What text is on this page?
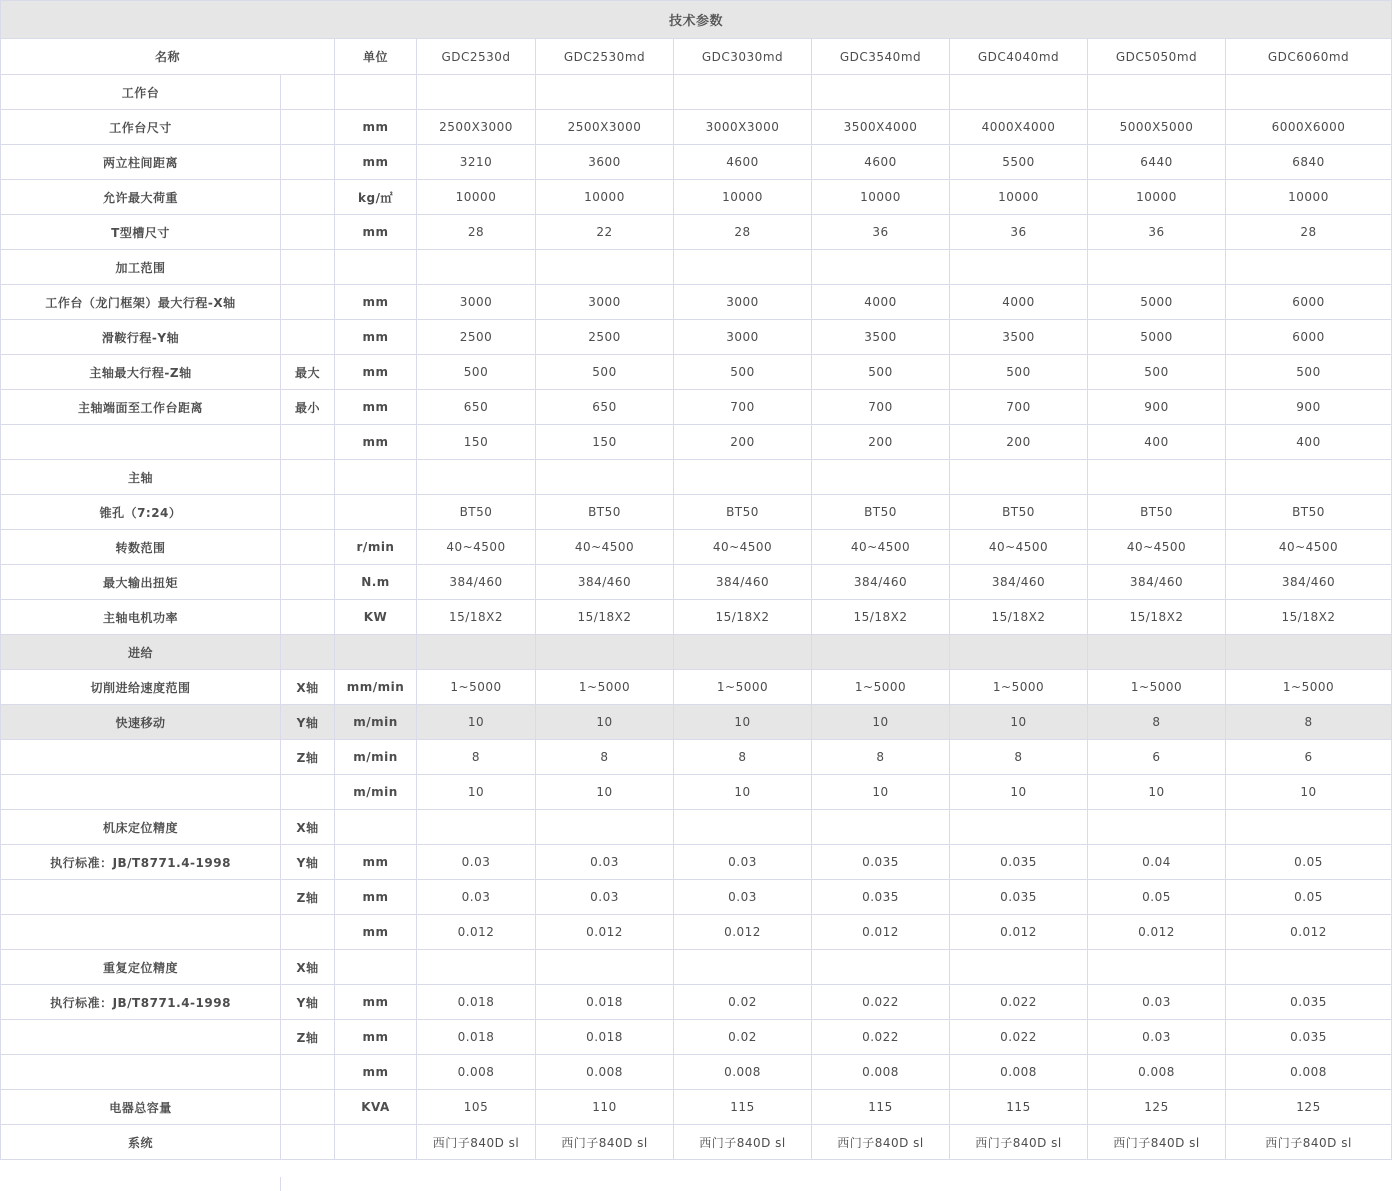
技术参数									
名称		单位	GDC2530d	GDC2530md	GDC3030md	GDC3540md	GDC4040md	GDC5050md	GDC6060md
工作台									
工作台尺寸		mm	2500X3000	2500X3000	3000X3000	3500X4000	4000X4000	5000X5000	6000X6000
两立柱间距离		mm	3210	3600	4600	4600	5500	6440	6840
允许最大荷重		kg/㎡	10000	10000	10000	10000	10000	10000	10000
T型槽尺寸		mm	28	22	28	36	36	36	28
加工范围									
工作台（龙门框架）最大行程-X轴		mm	3000	3000	3000	4000	4000	5000	6000
滑鞍行程-Y轴		mm	2500	2500	3000	3500	3500	5000	6000
主轴最大行程-Z轴	最大	mm	500	500	500	500	500	500	500
主轴端面至工作台距离	最小	mm	650	650	700	700	700	900	900
		mm	150	150	200	200	200	400	400
主轴									
锥孔（7:24）			BT50	BT50	BT50	BT50	BT50	BT50	BT50
转数范围		r/min	40~4500	40~4500	40~4500	40~4500	40~4500	40~4500	40~4500
最大输出扭矩		N.m	384/460	384/460	384/460	384/460	384/460	384/460	384/460
主轴电机功率		KW	15/18X2	15/18X2	15/18X2	15/18X2	15/18X2	15/18X2	15/18X2
进给									
切削进给速度范围	X轴	mm/min	1~5000	1~5000	1~5000	1~5000	1~5000	1~5000	1~5000
快速移动	Y轴	m/min	10	10	10	10	10	8	8
	Z轴	m/min	8	8	8	8	8	6	6
		m/min	10	10	10	10	10	10	10
机床定位精度	X轴								
执行标准：JB/T8771.4-1998	Y轴	mm	0.03	0.03	0.03	0.035	0.035	0.04	0.05
	Z轴	mm	0.03	0.03	0.03	0.035	0.035	0.05	0.05
		mm	0.012	0.012	0.012	0.012	0.012	0.012	0.012
重复定位精度	X轴								
执行标准：JB/T8771.4-1998	Y轴	mm	0.018	0.018	0.02	0.022	0.022	0.03	0.035
	Z轴	mm	0.018	0.018	0.02	0.022	0.022	0.03	0.035
		mm	0.008	0.008	0.008	0.008	0.008	0.008	0.008
电器总容量		KVA	105	110	115	115	115	125	125
系统			西门子840D sl	西门子840D sl	西门子840D sl	西门子840D sl	西门子840D sl	西门子840D sl	西门子840D sl
